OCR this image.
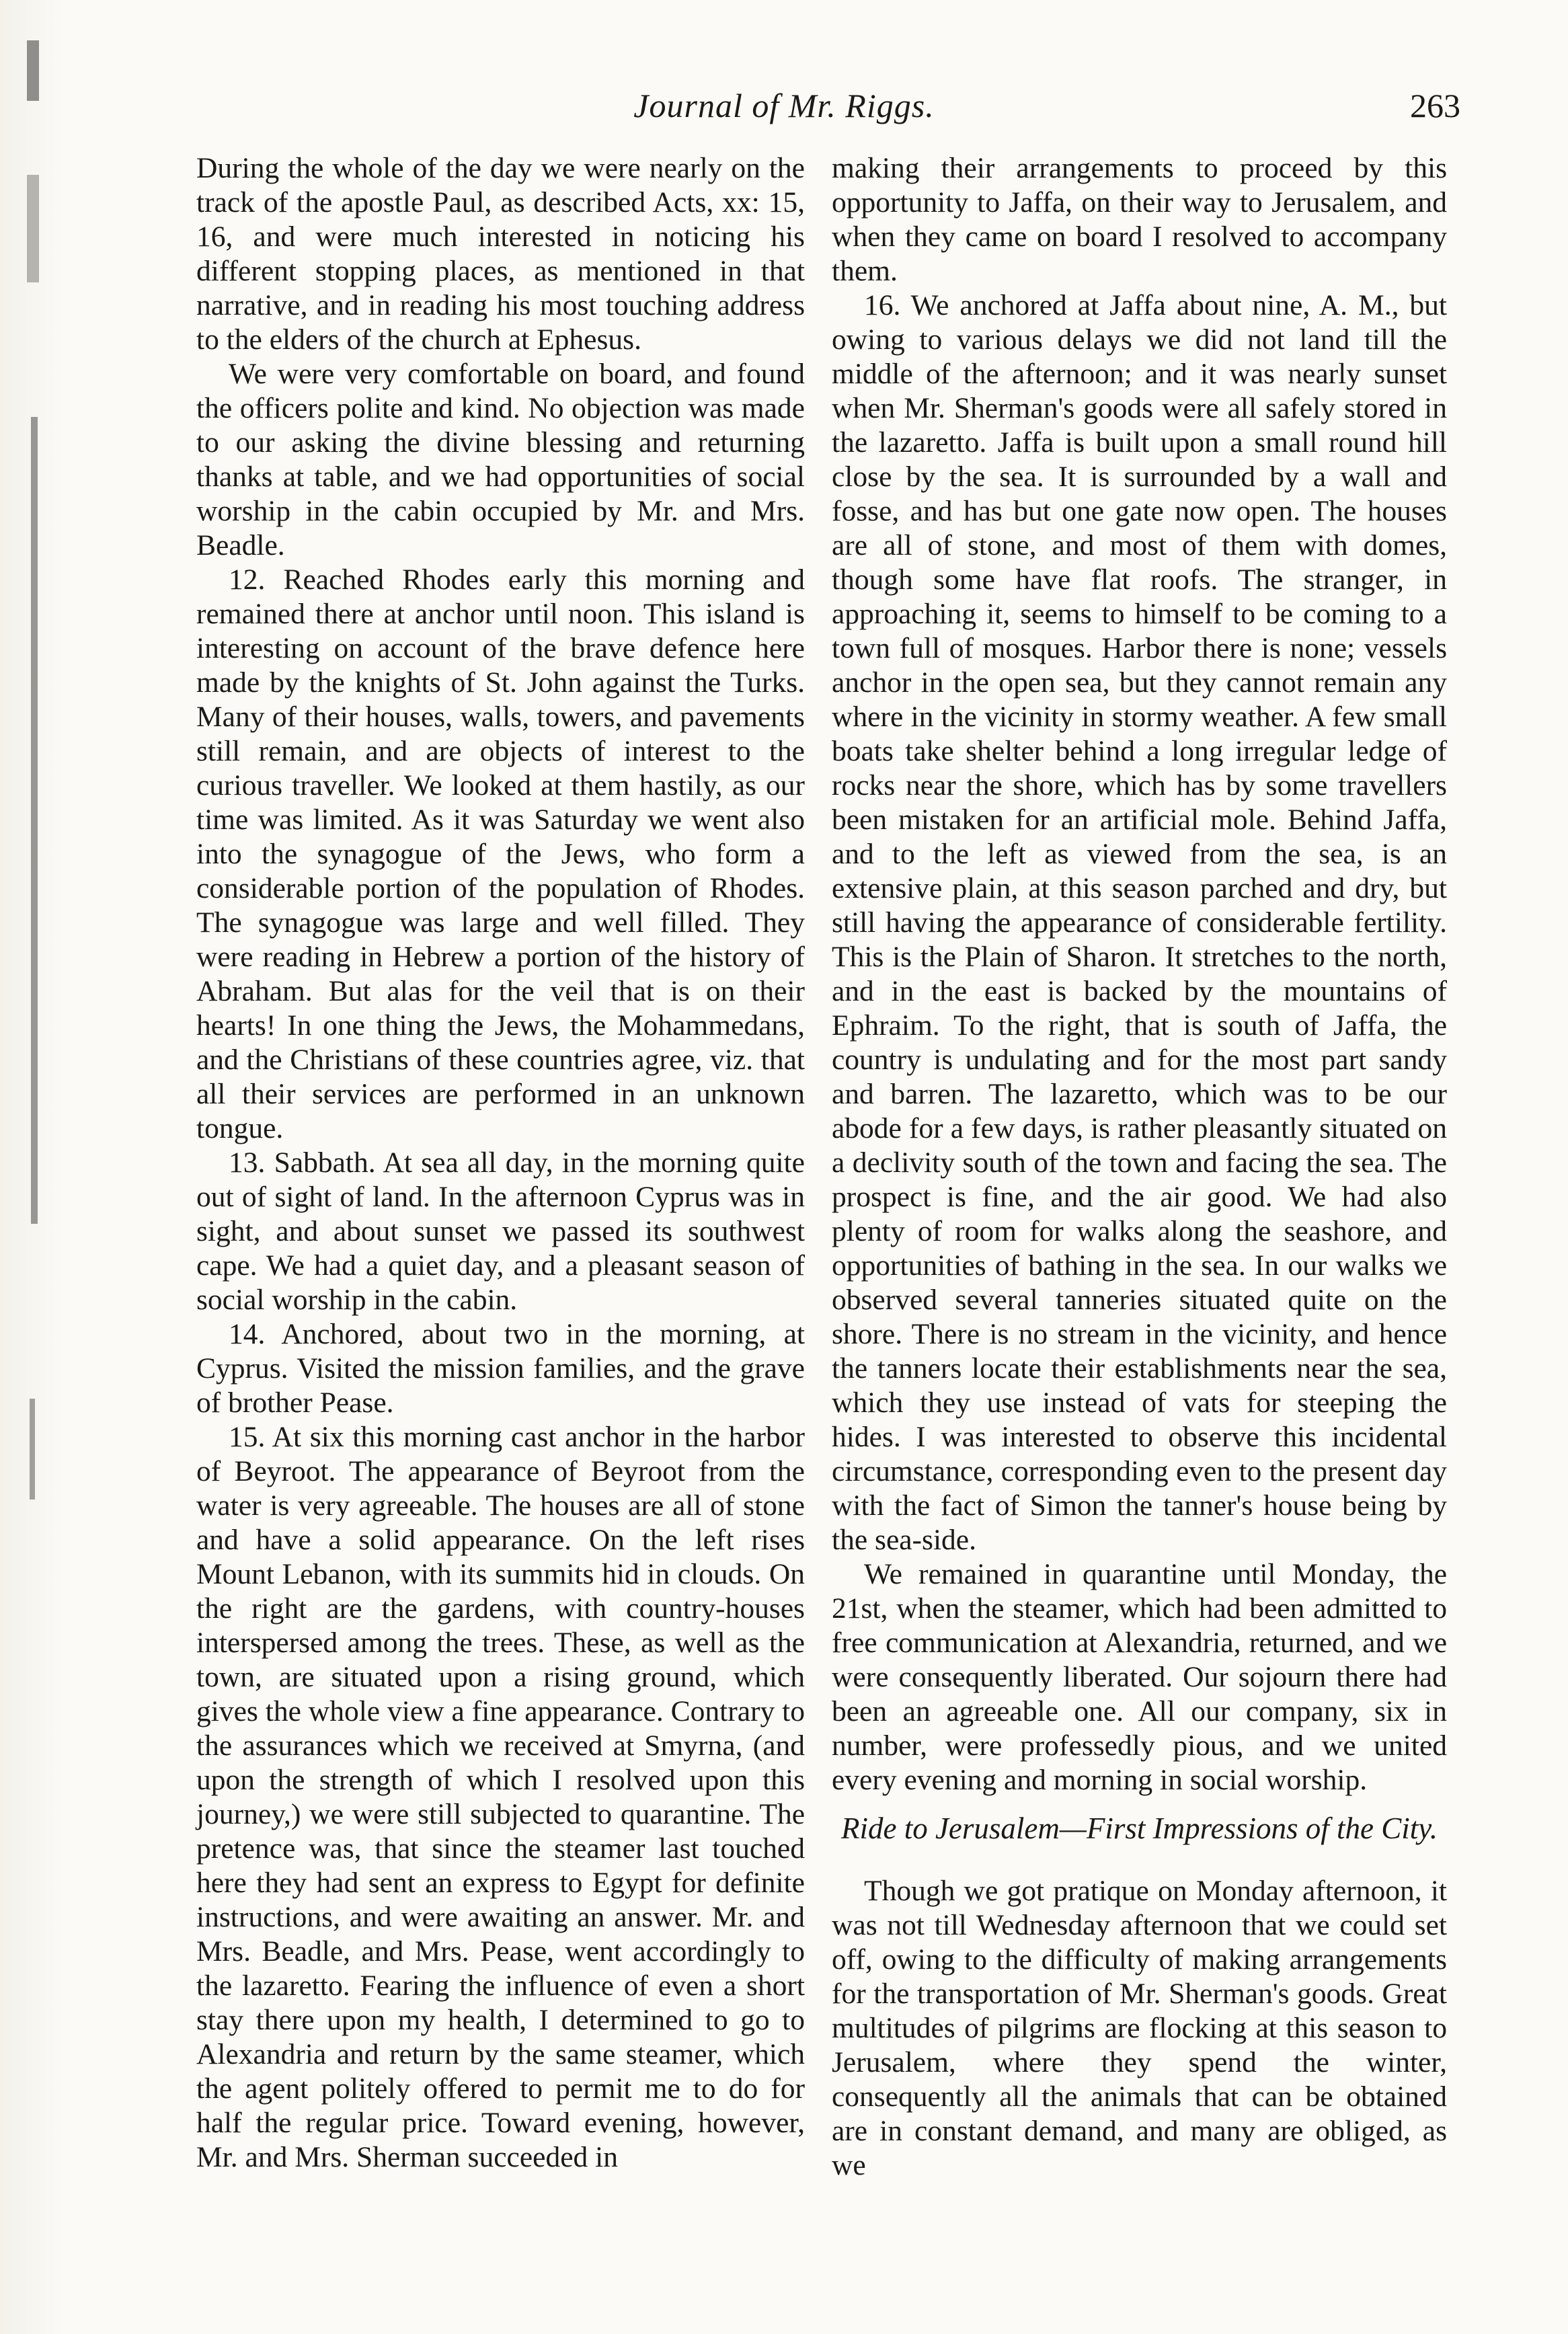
Journal of Mr. Riggs.	263

During the whole of the day we were nearly on the track of the apostle Paul, as described Acts, xx: 15, 16, and were much interested in noticing his different stopping places, as mentioned in that narrative, and in reading his most touching address to the elders of the church at Ephesus.

We were very comfortable on board, and found the officers polite and kind. No objection was made to our asking the divine blessing and returning thanks at table, and we had opportunities of social worship in the cabin occupied by Mr. and Mrs. Beadle.

12. Reached Rhodes early this morning and remained there at anchor until noon. This island is interesting on account of the brave defence here made by the knights of St. John against the Turks. Many of their houses, walls, towers, and pavements still remain, and are objects of interest to the curious traveller. We looked at them hastily, as our time was limited. As it was Saturday we went also into the synagogue of the Jews, who form a considerable portion of the population of Rhodes. The synagogue was large and well filled. They were reading in Hebrew a portion of the history of Abraham. But alas for the veil that is on their hearts! In one thing the Jews, the Mohammedans, and the Christians of these countries agree, viz. that all their services are performed in an unknown tongue.

13. Sabbath. At sea all day, in the morning quite out of sight of land. In the afternoon Cyprus was in sight, and about sunset we passed its southwest cape. We had a quiet day, and a pleasant season of social worship in the cabin.

14. Anchored, about two in the morning, at Cyprus. Visited the mission families, and the grave of brother Pease.

15. At six this morning cast anchor in the harbor of Beyroot. The appearance of Beyroot from the water is very agreeable. The houses are all of stone and have a solid appearance. On the left rises Mount Lebanon, with its summits hid in clouds. On the right are the gardens, with country-houses interspersed among the trees. These, as well as the town, are situated upon a rising ground, which gives the whole view a fine appearance. Contrary to the assurances which we received at Smyrna, (and upon the strength of which I resolved upon this journey,) we were still subjected to quarantine. The pretence was, that since the steamer last touched here they had sent an express to Egypt for definite instructions, and were awaiting an answer. Mr. and Mrs. Beadle, and Mrs. Pease, went accordingly to the lazaretto. Fearing the influence of even a short stay there upon my health, I determined to go to Alexandria and return by the same steamer, which the agent politely offered to permit me to do for half the regular price. Toward evening, however, Mr. and Mrs. Sherman succeeded in

making their arrangements to proceed by this opportunity to Jaffa, on their way to Jerusalem, and when they came on board I resolved to accompany them.

16. We anchored at Jaffa about nine, A. M., but owing to various delays we did not land till the middle of the afternoon; and it was nearly sunset when Mr. Sherman's goods were all safely stored in the lazaretto. Jaffa is built upon a small round hill close by the sea. It is surrounded by a wall and fosse, and has but one gate now open. The houses are all of stone, and most of them with domes, though some have flat roofs. The stranger, in approaching it, seems to himself to be coming to a town full of mosques. Harbor there is none; vessels anchor in the open sea, but they cannot remain any where in the vicinity in stormy weather. A few small boats take shelter behind a long irregular ledge of rocks near the shore, which has by some travellers been mistaken for an artificial mole. Behind Jaffa, and to the left as viewed from the sea, is an extensive plain, at this season parched and dry, but still having the appearance of considerable fertility. This is the Plain of Sharon. It stretches to the north, and in the east is backed by the mountains of Ephraim. To the right, that is south of Jaffa, the country is undulating and for the most part sandy and barren. The lazaretto, which was to be our abode for a few days, is rather pleasantly situated on a declivity south of the town and facing the sea. The prospect is fine, and the air good. We had also plenty of room for walks along the seashore, and opportunities of bathing in the sea. In our walks we observed several tanneries situated quite on the shore. There is no stream in the vicinity, and hence the tanners locate their establishments near the sea, which they use instead of vats for steeping the hides. I was interested to observe this incidental circumstance, corresponding even to the present day with the fact of Simon the tanner's house being by the sea-side.

We remained in quarantine until Monday, the 21st, when the steamer, which had been admitted to free communication at Alexandria, returned, and we were consequently liberated. Our sojourn there had been an agreeable one. All our company, six in number, were professedly pious, and we united every evening and morning in social worship.

Ride to Jerusalem—First Impressions of the City.

Though we got pratique on Monday afternoon, it was not till Wednesday afternoon that we could set off, owing to the difficulty of making arrangements for the transportation of Mr. Sherman's goods. Great multitudes of pilgrims are flocking at this season to Jerusalem, where they spend the winter, consequently all the animals that can be obtained are in constant demand, and many are obliged, as we
